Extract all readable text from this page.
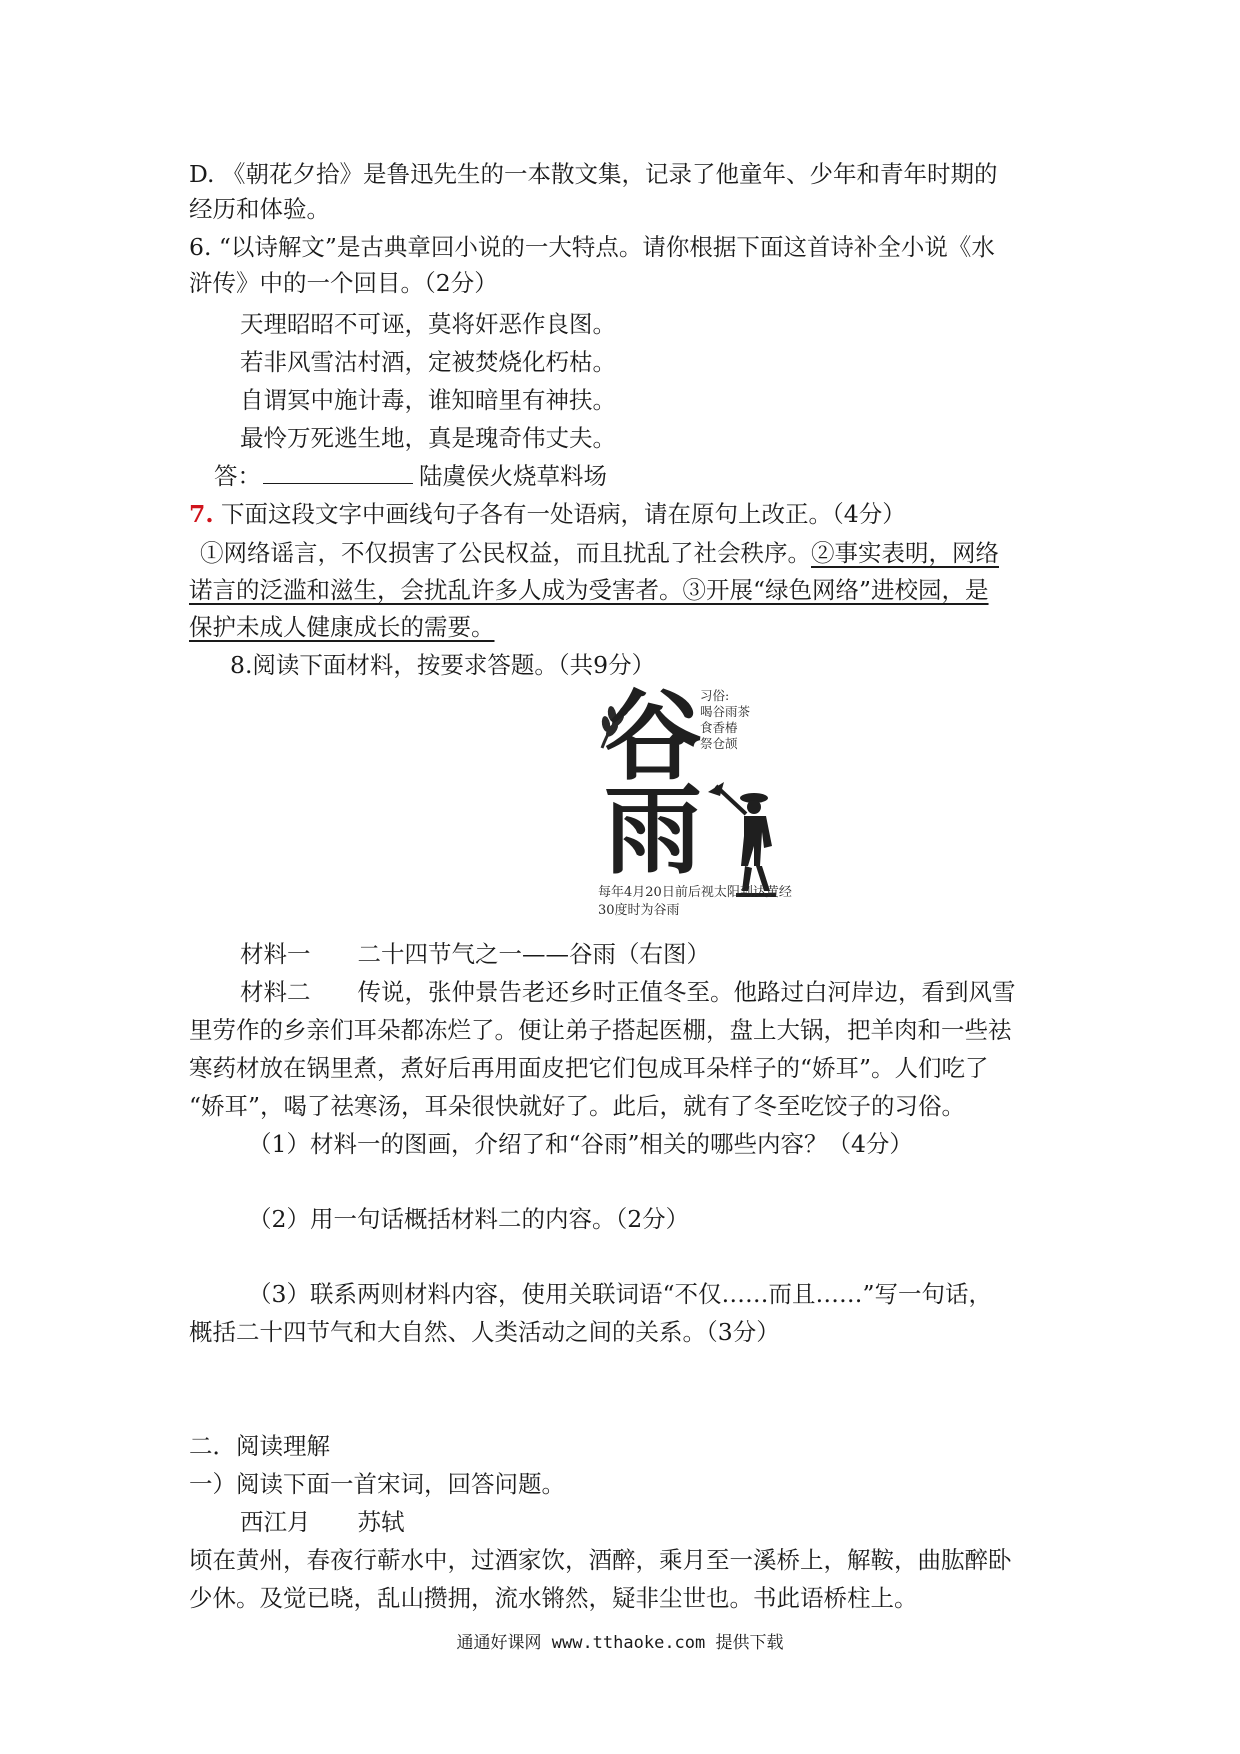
D. 《朝花夕拾》是鲁迅先生的一本散文集，记录了他童年、少年和青年时期的
经历和体验。
6. “以诗解文”是古典章回小说的一大特点。请你根据下面这首诗补全小说《水
浒传》中的一个回目。（2分）
天理昭昭不可诬，莫将奸恶作良图。
若非风雪沽村酒，定被焚烧化朽枯。
自谓冥中施计毒，谁知暗里有神扶。
最怜万死逃生地，真是瑰奇伟丈夫。
答：	陆虞侯火烧草料场
7. 下面这段文字中画线句子各有一处语病，请在原句上改正。（4分）
①网络谣言，不仅损害了公民权益，而且扰乱了社会秩序。②事实表明，网络
诺言的泛滥和滋生，会扰乱许多人成为受害者。③开展“绿色网络”进校园，是
保护未成人健康成长的需要。
8.阅读下面材料，按要求答题。（共9分）
谷
雨
习俗:
喝谷雨茶
食香椿
祭仓颉
每年4月20日前后视太阳到达黄经30度时为谷雨
材料一　　二十四节气之一——谷雨（右图）
材料二　　传说，张仲景告老还乡时正值冬至。他路过白河岸边，看到风雪
里劳作的乡亲们耳朵都冻烂了。便让弟子搭起医棚，盘上大锅，把羊肉和一些祛
寒药材放在锅里煮，煮好后再用面皮把它们包成耳朵样子的“娇耳”。人们吃了
“娇耳”，喝了祛寒汤，耳朵很快就好了。此后，就有了冬至吃饺子的习俗。
（1）材料一的图画，介绍了和“谷雨”相关的哪些内容？（4分）
（2）用一句话概括材料二的内容。（2分）
（3）联系两则材料内容，使用关联词语“不仅……而且……”写一句话，
概括二十四节气和大自然、人类活动之间的关系。（3分）
二．阅读理解
一）阅读下面一首宋词，回答问题。
西江月　　苏轼
顷在黄州，春夜行蕲水中，过酒家饮，酒醉，乘月至一溪桥上，解鞍，曲肱醉卧
少休。及觉已晓，乱山攒拥，流水锵然，疑非尘世也。书此语桥柱上。
通通好课网 www.tthaoke.com 提供下载
